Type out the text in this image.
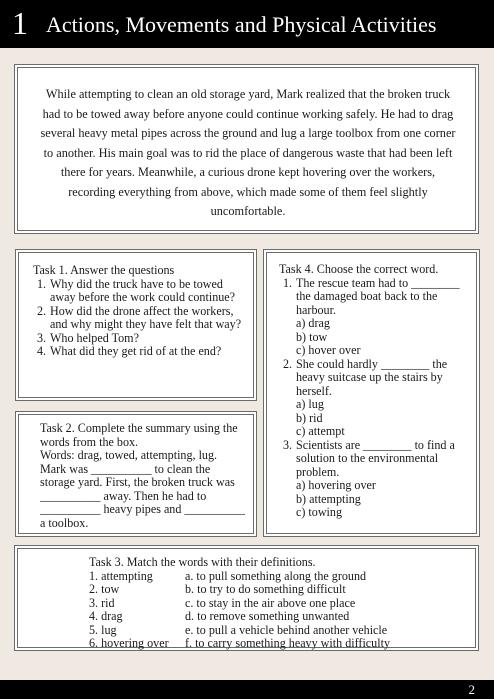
1 Actions, Movements and Physical Activities

While attempting to clean an old storage yard, Mark realized that the broken truck had to be towed away before anyone could continue working safely. He had to drag several heavy metal pipes across the ground and lug a large toolbox from one corner to another. His main goal was to rid the place of dangerous waste that had been left there for years. Meanwhile, a curious drone kept hovering over the workers, recording everything from above, which made some of them feel slightly uncomfortable.

Task 1. Answer the questions
1. Why did the truck have to be towed away before the work could continue?
2. How did the drone affect the workers, and why might they have felt that way?
3. Who helped Tom?
4. What did they get rid of at the end?
Task 2. Complete the summary using the words from the box.
Words: drag, towed, attempting, lug.
Mark was __________ to clean the storage yard. First, the broken truck was __________ away. Then he had to __________ heavy pipes and __________ a toolbox.
Task 4. Choose the correct word.
1. The rescue team had to ________ the damaged boat back to the harbour.
a) drag
b) tow
c) hover over
2. She could hardly ________ the heavy suitcase up the stairs by herself.
a) lug
b) rid
c) attempt
3. Scientists are ________ to find a solution to the environmental problem.
a) hovering over
b) attempting
c) towing
Task 3. Match the words with their definitions.
1. attempting	a. to pull something along the ground
2. tow	b. to try to do something difficult
3. rid	c. to stay in the air above one place
4. drag	d. to remove something unwanted
5. lug	e. to pull a vehicle behind another vehicle
6. hovering over	f. to carry something heavy with difficulty
2
